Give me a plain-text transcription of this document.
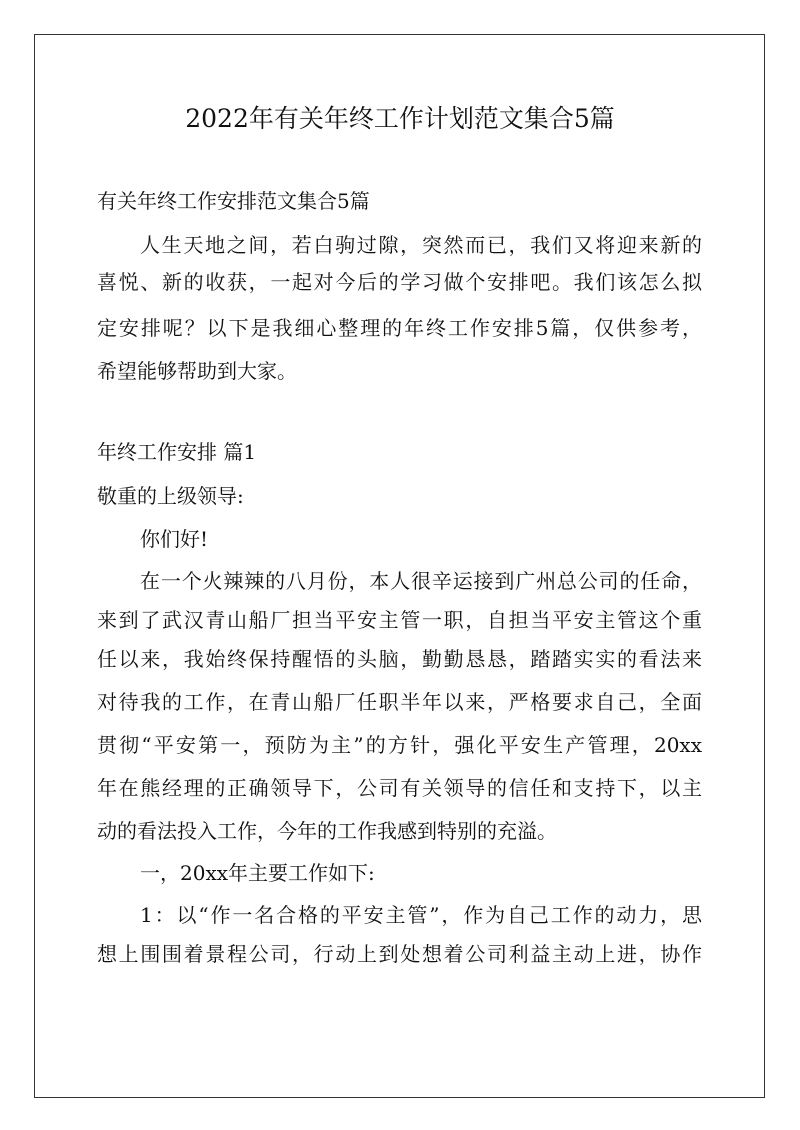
2022年有关年终工作计划范文集合5篇
有关年终工作安排范文集合5篇
人生天地之间，若白驹过隙，突然而已，我们又将迎来新的
喜悦、新的收获，一起对今后的学习做个安排吧。我们该怎么拟
定安排呢？以下是我细心整理的年终工作安排5篇，仅供参考，
希望能够帮助到大家。
年终工作安排 篇1
敬重的上级领导:
你们好!
在一个火辣辣的八月份，本人很辛运接到广州总公司的任命，
来到了武汉青山船厂担当平安主管一职，自担当平安主管这个重
任以来，我始终保持醒悟的头脑，勤勤恳恳，踏踏实实的看法来
对待我的工作，在青山船厂任职半年以来，严格要求自己，全面
贯彻“平安第一，预防为主”的方针，强化平安生产管理，20xx
年在熊经理的正确领导下，公司有关领导的信任和支持下，以主
动的看法投入工作，今年的工作我感到特别的充溢。
一，20xx年主要工作如下:
1：以“作一名合格的平安主管”，作为自己工作的动力，思
想上围围着景程公司，行动上到处想着公司利益主动上进，协作
